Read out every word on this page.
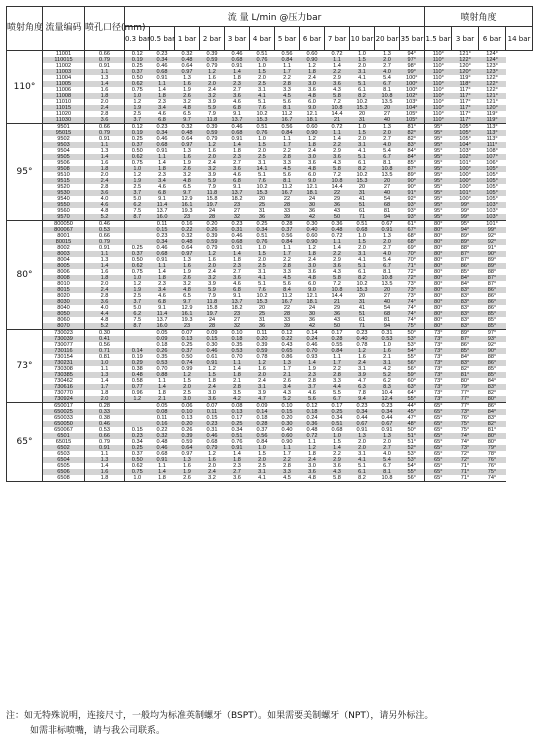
喷射角度	流量编码	喷孔口径(mm)	流 量 L/min @压力bar												喷射角度			
			0.3 bar	0.5 bar	1 bar	2 bar	3 bar	4 bar	5 bar	6 bar	7 bar	10 bar	20 bar	35 bar	1.5 bar	3 bar	6 bar	14 bar
110°	11001	0.66	0.12	0.23	0.32	0.39	0.46	0.51	0.56	0.60	0.72	1.0	1.3	94°	110°	121°	124°	
	110015	0.79	0.19	0.34	0.48	0.59	0.68	0.76	0.84	0.90	1.1	1.5	2.0	97°	110°	122°	124°	
	11002	0.91	0.25	0.46	0.64	0.79	0.91	1.0	1.1	1.2	1.4	2.0	2.7	98°	110°	120°	123°	
	11003	1.1	0.37	0.68	0.97	1.2	1.4	1.5	1.7	1.8	2.2	3.1	4.0	99°	110°	120°	123°	
	11004	1.3	0.50	0.91	1.3	1.6	1.8	2.0	2.2	2.4	2.9	4.1	5.4	100°	110°	119°	122°	
	11005	1.4	0.62	1.1	1.6	2.0	2.3	2.5	2.8	3.0	3.6	5.1	6.7	100°	110°	118°	122°	
	11006	1.6	0.75	1.4	1.9	2.4	2.7	3.1	3.3	3.6	4.3	6.1	8.1	100°	110°	117°	122°	
	11008	1.8	1.0	1.8	2.6	3.2	3.6	4.1	4.5	4.8	5.8	8.2	10.8	102°	110°	117°	121°	
	11010	2.0	1.2	2.3	3.2	3.9	4.6	5.1	5.6	6.0	7.2	10.2	13.5	103°	110°	117°	121°	
	11015	2.4	1.9	3.4	4.8	5.9	6.8	7.6	8.1	9.0	10.8	15.3	20	104°	110°	117°	120°	
	11020	2.8	2.5	4.6	6.5	7.9	9.1	10.2	11.2	12.1	14.4	20	27	105°	110°	117°	119°	
	11030	3.6	3.7	6.8	9.7	11.8	13.7	15.3	16.7	18.1	21	31	40	105°	110°	117°	119°	
95°	9501	0.66	0.12	0.23	0.32	0.39	0.46	0.51	0.56	0.60	0.72	1.0	1.3	81°	95°	105°	113°	
	95015	0.79	0.19	0.34	0.48	0.59	0.68	0.76	0.84	0.90	1.1	1.5	2.0	82°	95°	105°	113°	
	9502	0.91	0.25	0.46	0.64	0.79	0.91	1.0	1.1	1.2	1.4	2.0	2.7	82°	95°	105°	113°	
	9503	1.1	0.37	0.68	0.97	1.2	1.4	1.5	1.7	1.8	2.2	3.1	4.0	83°	95°	104°	111°	
	9504	1.3	0.50	0.91	1.3	1.6	1.8	2.0	2.2	2.4	2.9	4.1	5.4	84°	95°	103°	108°	
	9505	1.4	0.62	1.1	1.6	2.0	2.3	2.5	2.8	3.0	3.6	5.1	6.7	84°	95°	102°	107°	
	9506	1.6	0.75	1.4	1.9	2.4	2.7	3.1	3.3	3.6	4.3	6.1	8.1	85°	95°	101°	106°	
	9508	1.8	1.0	1.8	2.6	3.2	3.6	14.1	4.5	4.8	5.8	8.2	10.8	87°	95°	100°	105°	
	9510	2.0	1.2	2.3	3.2	3.9	4.6	5.1	5.6	6.0	7.2	10.2	13.5	89°	95°	100°	105°	
	9515	2.4	1.9	3.4	4.8	5.9	6.8	7.6	8.1	9.0	10.8	15.3	20	90°	95°	100°	105°	
	9520	2.8	2.5	4.6	6.5	7.9	9.1	10.2	11.2	12.1	14.4	20	27	90°	95°	100°	105°	
	9530	3.6	3.7	6.8	9.7	11.8	13.7	15.3	16.7	18.1	22	31	40	91°	95°	101°	105°	
	9540	4.0	5.0	9.1	12.9	15.8	18.2	20	22	24	29	41	54	92°	95°	100°	105°	
	9550	4.6	6.2	11.4	16.1	19.7	23	25	28	30	36	51	68	93°	95°	99°	103°	
	9560	4.8	7.5	13.7	19.3	24	27	31	33	36	43	61	81	93°	95°	99°	103°	
	9570	5.2	8.7	16.0	23	28	32	36	39	42	50	71	94	93°	95°	99°	103°	
80°	800050	0.46		0.11	0.16	0.20	0.23	0.25	0.28	0.30	0.36	0.51	0.67	61°	80°	95°	101°	
	800067	0.53		0.15	0.22	0.26	0.31	0.34	0.37	0.40	0.48	0.68	0.91	67°	80°	94°	99°	
	8001	0.66		0.23	0.32	0.39	0.46	0.51	0.56	0.60	0.72	1.0	1.3	68°	80°	89°	92°	
	80015	0.79		0.34	0.48	0.59	0.68	0.76	0.84	0.90	1.1	1.5	2.0	68°	80°	89°	92°	
	8002	0.91	0.25	0.46	0.64	0.79	0.91	1.0	1.1	1.2	1.4	2.0	2.7	69°	80°	88°	91°	
	8003	1.1	0.37	0.68	0.97	1.2	1.4	1.5	1.7	1.8	2.2	3.1	4.0	70°	80°	87°	90°	
	8004	1.3	0.50	0.91	1.3	1.6	1.8	2.0	2.2	2.4	2.9	4.1	5.4	70°	80°	87°	89°	
	8005	1.4	0.62	1.1	1.6	2.0	2.3	2.5	2.8	3.0	3.6	5.1	6.7	71°	80°	86°	89°	
	8006	1.6	0.75	1.4	1.9	2.4	2.7	3.1	3.3	3.6	4.3	6.1	8.1	72°	80°	85°	88°	
	8008	1.8	1.0	1.8	2.6	3.2	3.6	4.1	4.5	4.8	5.8	8.2	10.8	72°	80°	84°	87°	
	8010	2.0	1.2	2.3	3.2	3.9	4.6	5.1	5.6	6.0	7.2	10.2	13.5	73°	80°	84°	87°	
	8015	2.4	1.9	3.4	4.8	5.9	6.8	7.6	8.4	9.0	10.8	15.3	20	73°	80°	83°	86°	
	8020	2.8	2.5	4.6	6.5	7.9	9.1	10.2	11.2	12.1	14.4	20	27	73°	80°	83°	86°	
	8030	3.6	3.7	6.8	9.7	11.8	13.7	15.3	16.7	18.1	21	31	40	74°	80°	83°	86°	
	8040	4.0	5.0	9.1	12.9	15.8	18.2	20	22	24	29	41	54	74°	80°	83°	86°	
	8050	4.4	6.2	11.4	16.1	19.7	23	25	28	30	36	51	68	74°	80°	83°	85°	
	8060	4.8	7.5	13.7	19.3	24	27	31	33	36	43	61	81	74°	80°	83°	85°	
	8070	5.2	8.7	16.0	23	28	32	36	39	42	50	71	94	75°	80°	83°	85°	
73°	730023	0.30		0.05	0.07	0.09	0.10	0.11	0.12	0.14	0.17	0.23	0.31	50°	73°	89°	97°	
	730039	0.41		0.09	0.13	0.15	0.18	0.20	0.22	0.24	0.28	0.40	0.53	53°	73°	87°	93°	
	730077	0.56		0.18	0.25	0.30	0.35	0.39	0.43	0.46	0.55	0.78	1.0	53°	73°	86°	92°	
	730116	0.71	0.14	0.26	0.37	0.46	0.53	0.59	0.65	0.70	0.84	1.2	1.6	54°	73°	85°	90°	
	730154	0.81	0.19	0.35	0.50	0.61	0.70	0.78	0.86	0.93	1.1	1.6	2.1	55°	73°	84°	88°	
	730231	1.0	0.29	0.53	0.74	0.91	1.1	1.2	1.3	1.4	1.7	2.4	3.1	56°	73°	83°	86°	
	730308	1.1	0.38	0.70	0.99	1.2	1.4	1.6	1.7	1.9	2.2	3.1	4.2	56°	73°	82°	85°	
	730385	1.3	0.48	0.88	1.2	1.5	1.8	2.0	2.1	2.3	2.8	3.9	5.2	59°	73°	81°	85°	
	730462	1.4	0.58	1.1	1.5	1.8	2.1	2.4	2.6	2.8	3.3	4.7	6.2	60°	73°	80°	84°	
	730616	1.7	0.77	1.4	2.0	2.4	2.8	3.1	3.4	3.7	4.4	6.3	8.3	63°	73°	79°	83°	
	730770	1.8	0.96	1.8	2.5	3.0	3.5	3.9	4.3	4.6	5.5	7.8	10.4	64°	73°	77°	82°	
	730924	2.0	1.2	2.1	3.0	3.6	4.2	4.7	5.2	5.6	6.7	9.4	12.4	55°	73°	77°	80°	
65°	650017	0.28		0.05	0.06	0.07	0.08	0.09	0.10	0.12	0.17	0.23	0.23	44°	65°	77°	86°	
	650025	0.33		0.08	0.10	0.11	0.13	0.14	0.15	0.18	0.25	0.34	0.34	45°	65°	73°	84°	
	650033	0.38		0.11	0.13	0.15	0.17	0.18	0.20	0.24	0.34	0.44	0.44	47°	65°	76°	83°	
	650050	0.46		0.16	0.20	0.23	0.25	0.28	0.30	0.36	0.51	0.67	0.67	48°	65°	75°	82°	
	650067	0.53	0.15	0.22	0.26	0.31	0.34	0.37	0.40	0.48	0.68	0.91	0.91	50°	65°	75°	81°	
	6501	0.66	0.23	0.32	0.39	0.46	0.51	0.56	0.60	0.72	1.0	1.3	1.3	51°	65°	74°	80°	
	65015	0.79	0.34	0.48	0.59	0.68	0.76	0.84	0.90	1.1	1.5	2.0	2.0	51°	65°	74°	80°	
	6502	0.91	0.25	0.46	0.64	0.79	0.91	1.0	1.1	1.2	1.4	2.0	2.7	52°	65°	73°	79°	
	6503	1.1	0.37	0.68	0.97	1.2	1.4	1.5	1.7	1.8	2.2	3.1	4.0	53°	65°	72°	78°	
	6504	1.3	0.50	0.91	1.3	1.6	1.8	2.0	2.2	2.4	2.9	4.1	5.4	53°	65°	72°	76°	
	6505	1.4	0.62	1.1	1.6	2.0	2.3	2.5	2.8	3.0	3.6	5.1	6.7	54°	65°	71°	76°	
	6506	1.6	0.75	1.4	1.9	2.4	2.7	3.1	3.3	3.6	4.3	6.1	8.1	55°	65°	71°	75°	
	6508	1.8	1.0	1.8	2.6	3.2	3.6	4.1	4.5	4.8	5.8	8.2	10.8	56°	65°	71°	74°	
注：如无特殊说明，连接尺寸，一般均为标准英制螺牙（BSPT）。如果需要美制螺牙（NPT），请另外标注。
如需非标喷嘴，请与我公司联系。
